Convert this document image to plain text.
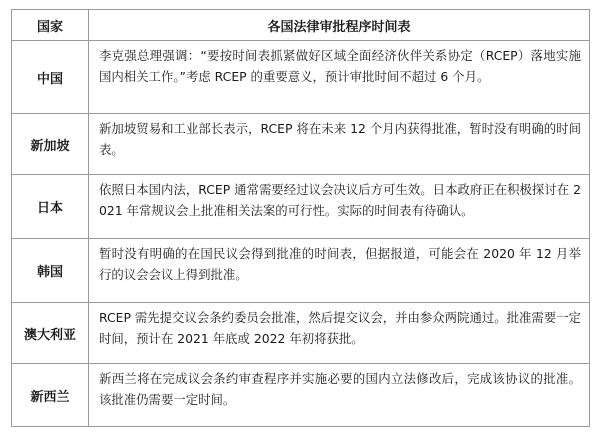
国家	各国法律审批程序时间表
中国	李克强总理强调：“要按时间表抓紧做好区域全面经济伙伴关系协定（RCEP）落地实施国内相关工作。”考虑 RCEP 的重要意义，预计审批时间不超过 6 个月。
新加坡	新加坡贸易和工业部长表示，RCEP 将在未来 12 个月内获得批准，暂时没有明确的时间表。
日本	依照日本国内法，RCEP 通常需要经过议会决议后方可生效。日本政府正在积极探讨在 2021 年常规议会上批准相关法案的可行性。实际的时间表有待确认。
韩国	暂时没有明确的在国民议会得到批准的时间表，但据报道，可能会在 2020 年 12 月举行的议会会议上得到批准。
澳大利亚	RCEP 需先提交议会条约委员会批准，然后提交议会，并由参众两院通过。批准需要一定时间，预计在 2021 年底或 2022 年初将获批。
新西兰	新西兰将在完成议会条约审查程序并实施必要的国内立法修改后，完成该协议的批准。该批准仍需要一定时间。
